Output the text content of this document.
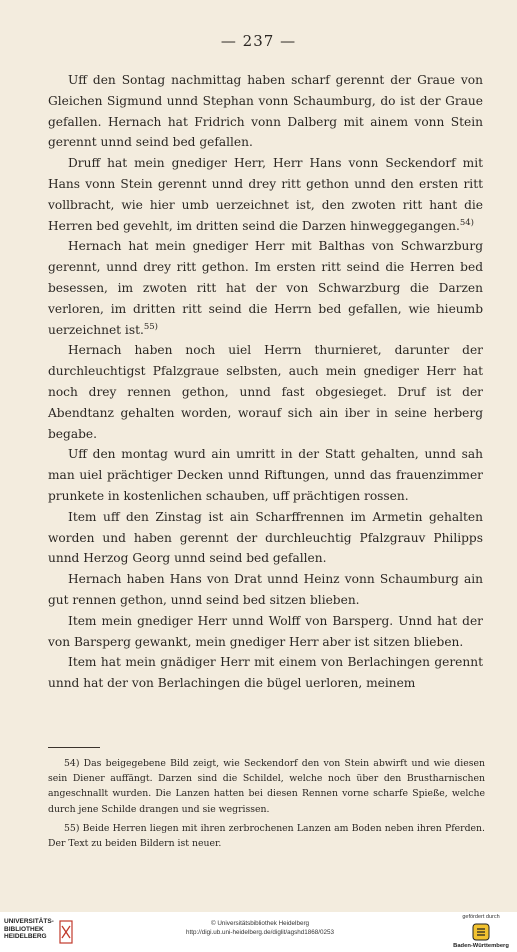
— 237 —

Uff den Sontag nachmittag haben scharf gerennt der Graue von Gleichen Sigmund unnd Stephan vonn Schaumburg, do ist der Graue gefallen. Hernach hat Fridrich vonn Dalberg mit ainem vonn Stein gerennt unnd seind bed gefallen.

Druff hat mein gnediger Herr, Herr Hans vonn Seckendorf mit Hans vonn Stein gerennt unnd drey ritt gethon unnd den ersten ritt vollbracht, wie hier umb uerzeichnet ist, den zwoten ritt hant die Herren bed gevehlt, im dritten seind die Darzen hinweggegangen.$^{54)}$

Hernach hat mein gnediger Herr mit Balthas von Schwarzburg gerennt, unnd drey ritt gethon. Im ersten ritt seind die Herren bed besessen, im zwoten ritt hat der von Schwarzburg die Darzen verloren, im dritten ritt seind die Herrn bed gefallen, wie hieumb uerzeichnet ist.$^{55)}$

Hernach haben noch uiel Herrn thurnieret, darunter der durchleuchtigst Pfalzgraue selbsten, auch mein gnediger Herr hat noch drey rennen gethon, unnd fast obgesieget. Druf ist der Abendtanz gehalten worden, worauf sich ain iber in seine herberg begabe.

Uff den montag wurd ain umritt in der Statt gehalten, unnd sah man uiel prächtiger Decken unnd Riftungen, unnd das frauenzimmer prunkete in kostenlichen schauben, uff prächtigen rossen.

Item uff den Zinstag ist ain Scharffrennen im Armetin gehalten worden und haben gerennt der durchleuchtig Pfalzgrauv Philipps unnd Herzog Georg unnd seind bed gefallen.

Hernach haben Hans von Drat unnd Heinz vonn Schaumburg ain gut rennen gethon, unnd seind bed sitzen blieben.

Item mein gnediger Herr unnd Wolff von Barsperg. Unnd hat der von Barsperg gewankt, mein gnediger Herr aber ist sitzen blieben.

Item hat mein gnädiger Herr mit einem von Berlachingen gerennt unnd hat der von Berlachingen die bügel uerloren, meinem

54) Das beigegebene Bild zeigt, wie Seckendorf den von Stein abwirft und wie diesen sein Diener auffängt. Darzen sind die Schildel, welche noch über den Brustharnischen angeschnallt wurden. Die Lanzen hatten bei diesen Rennen vorne scharfe Spieße, welche durch jene Schilde drangen und sie wegrissen.

55) Beide Herren liegen mit ihren zerbrochenen Lanzen am Boden neben ihren Pferden. Der Text zu beiden Bildern ist neuer.

UNIVERSITÄTS-
BIBLIOTHEK
HEIDELBERG
© Universitätsbibliothek Heidelberg
http://digi.ub.uni-heidelberg.de/diglit/agshd1868/0253
gefördert durch
Baden-Württemberg
